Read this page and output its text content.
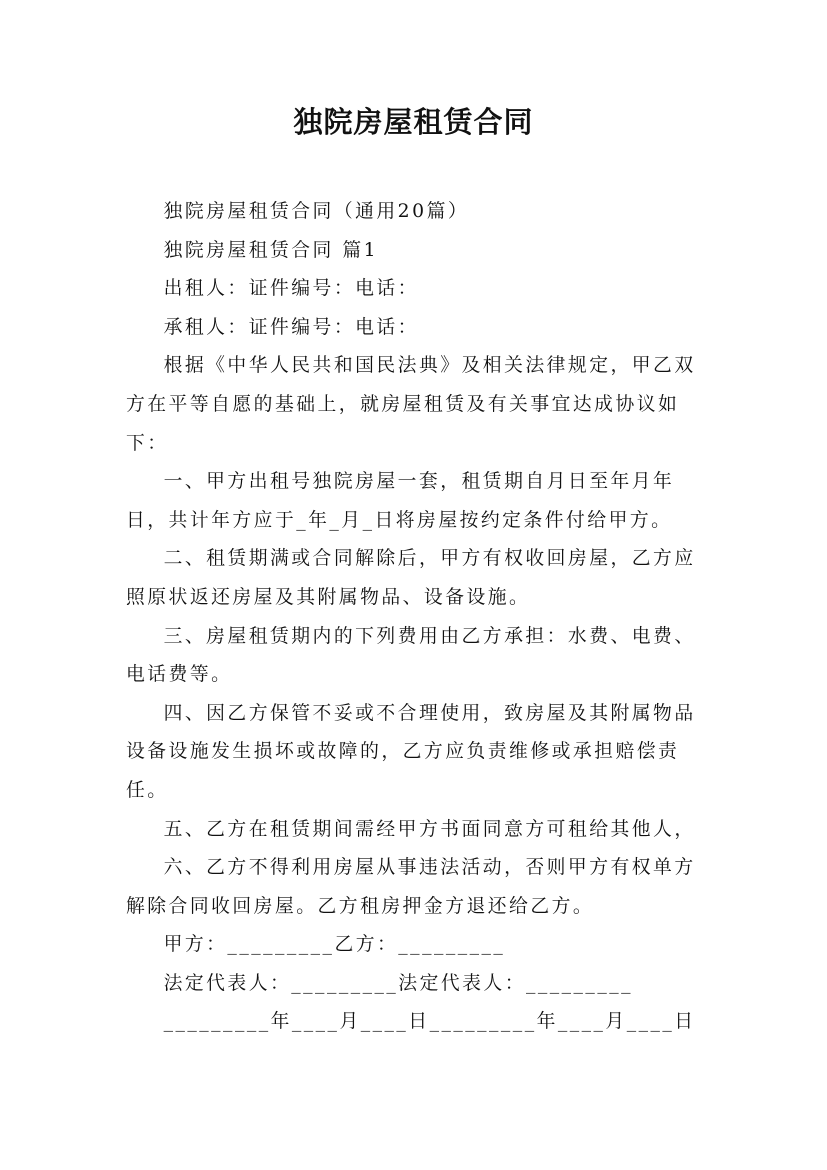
独院房屋租赁合同

独院房屋租赁合同（通用20篇）

独院房屋租赁合同 篇1

出租人：证件编号：电话：

承租人：证件编号：电话：

根据《中华人民共和国民法典》及相关法律规定，甲乙双方在平等自愿的基础上，就房屋租赁及有关事宜达成协议如下：

一、甲方出租号独院房屋一套，租赁期自月日至年月年日，共计年方应于_年_月_日将房屋按约定条件付给甲方。

二、租赁期满或合同解除后，甲方有权收回房屋，乙方应照原状返还房屋及其附属物品、设备设施。

三、房屋租赁期内的下列费用由乙方承担：水费、电费、电话费等。

四、因乙方保管不妥或不合理使用，致房屋及其附属物品设备设施发生损坏或故障的，乙方应负责维修或承担赔偿责任。

五、乙方在租赁期间需经甲方书面同意方可租给其他人，

六、乙方不得利用房屋从事违法活动，否则甲方有权单方解除合同收回房屋。乙方租房押金方退还给乙方。

甲方：_________乙方：_________

法定代表人：_________法定代表人：_________

_________年____月____日_________年____月____日
